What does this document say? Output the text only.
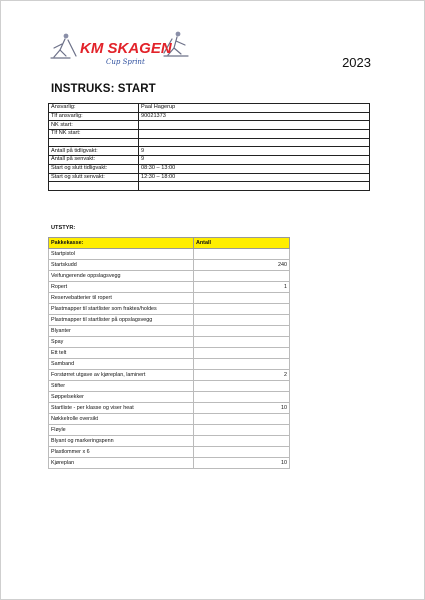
KM SKAGEN
Cup Sprint	2023
INSTRUKS: START
Ansvarlig:	Paal Hagerup
Tlf ansvarlig:	90021373
NK start:	
Tlf NK start:	

Antall på tidligvakt:	9
Antall på senvakt:	9
Start og slutt tidligvakt:	08:30 – 13:00
Start og slutt senvakt:	12:30 – 18:00

UTSTYR:
Pakkekasse:	Antall
Startpistol	
Startskudd	240
Veifungerende oppslagsvegg	
Ropert	1
Reservebatterier til ropert	
Plastmapper til startlister som fraktes/holdes	
Plastmapper til startlister på oppslagsvegg	
Blyanter	
Spay	
Ett telt	
Samband	
Forstørret utgave av kjøreplan, laminert	2
Stifter	
Søppelsekker	
Startliste - per klasse og viser heat	10
Nøkkelrolle oversikt	
Fløyle	
Blyant og markeringspenn	
Plastlommer x 6	
Kjøreplan	10
